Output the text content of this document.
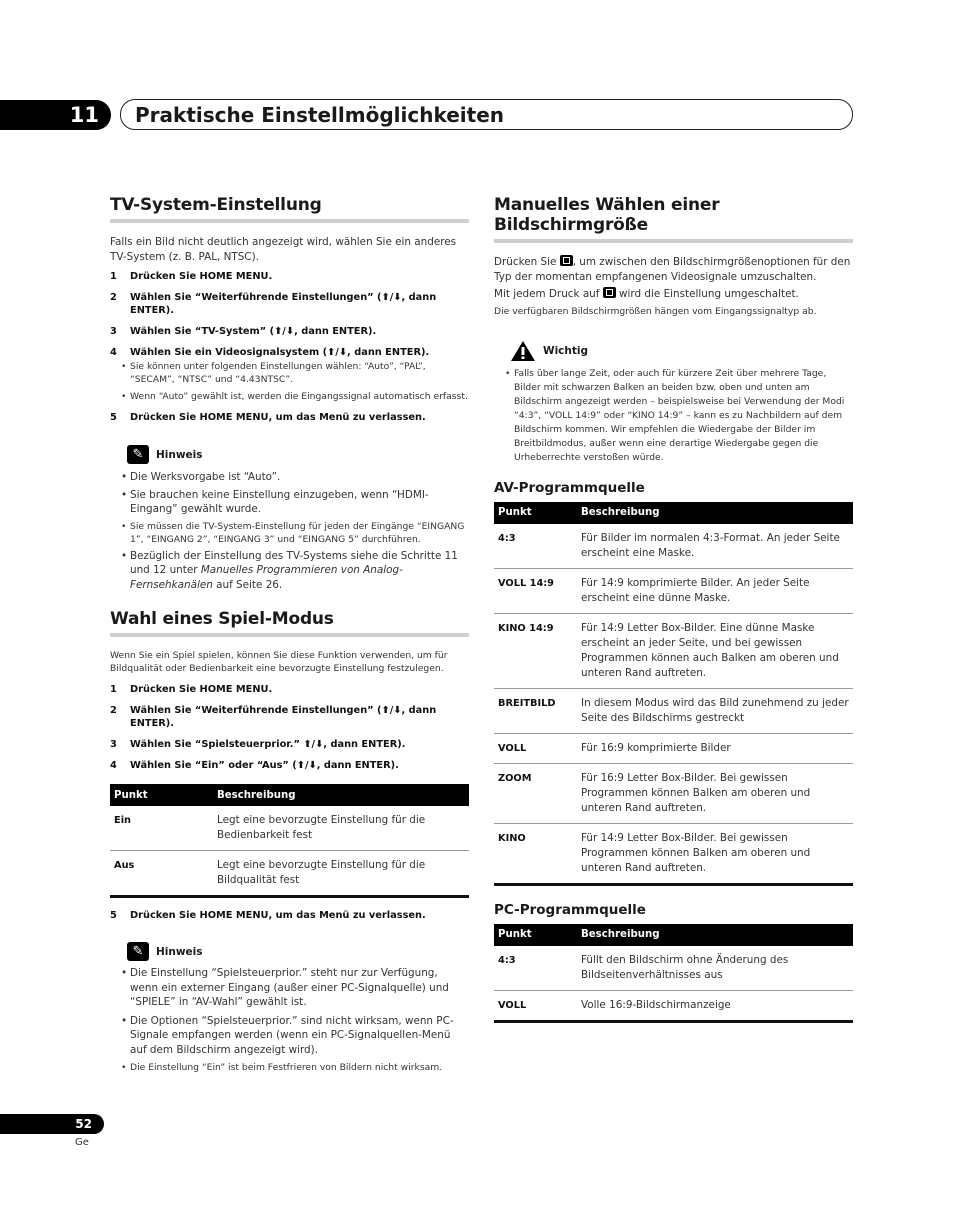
11 Praktische Einstellmöglichkeiten
TV-System-Einstellung

Falls ein Bild nicht deutlich angezeigt wird, wählen Sie ein anderes TV-System (z. B. PAL, NTSC).

1	Drücken Sie HOME MENU.
2	Wählen Sie “Weiterführende Einstellungen” (⬆/⬇, dann ENTER).
3	Wählen Sie “TV-System” (⬆/⬇, dann ENTER).
4	Wählen Sie ein Videosignalsystem (⬆/⬇, dann ENTER).
• Sie können unter folgenden Einstellungen wählen: “Auto”, “PAL”, “SECAM”, “NTSC” und “4.43NTSC”.
• Wenn “Auto” gewählt ist, werden die Eingangssignal automatisch erfasst.
5	Drücken Sie HOME MENU, um das Menü zu verlassen.
✎	Hinweis
• Die Werksvorgabe ist “Auto”.
• Sie brauchen keine Einstellung einzugeben, wenn “HDMI-Eingang” gewählt wurde.
• Sie müssen die TV-System-Einstellung für jeden der Eingänge “EINGANG 1”, “EINGANG 2”, “EINGANG 3” und “EINGANG 5” durchführen.
• Bezüglich der Einstellung des TV-Systems siehe die Schritte 11 und 12 unter Manuelles Programmieren von Analog-Fernsehkanälen auf Seite 26.
Wahl eines Spiel-Modus

Wenn Sie ein Spiel spielen, können Sie diese Funktion verwenden, um für Bildqualität oder Bedienbarkeit eine bevorzugte Einstellung festzulegen.

1	Drücken Sie HOME MENU.
2	Wählen Sie “Weiterführende Einstellungen” (⬆/⬇, dann ENTER).
3	Wählen Sie “Spielsteuerprior.” ⬆/⬇, dann ENTER).
4	Wählen Sie “Ein” oder “Aus” (⬆/⬇, dann ENTER).
Punkt	Beschreibung
Ein	Legt eine bevorzugte Einstellung für die Bedienbarkeit fest
Aus	Legt eine bevorzugte Einstellung für die Bildqualität fest
5	Drücken Sie HOME MENU, um das Menü zu verlassen.
✎	Hinweis
• Die Einstellung “Spielsteuerprior.” steht nur zur Verfügung, wenn ein externer Eingang (außer einer PC-Signalquelle) und “SPIELE” in “AV-Wahl” gewählt ist.
• Die Optionen “Spielsteuerprior.” sind nicht wirksam, wenn PC-Signale empfangen werden (wenn ein PC-Signalquellen-Menü auf dem Bildschirm angezeigt wird).
• Die Einstellung “Ein” ist beim Festfrieren von Bildern nicht wirksam.
Manuelles Wählen einer Bildschirmgröße

Drücken Sie , um zwischen den Bildschirmgrößenoptionen für den Typ der momentan empfangenen Videosignale umzuschalten.

Mit jedem Druck auf  wird die Einstellung umgeschaltet.

Die verfügbaren Bildschirmgrößen hängen vom Eingangssignaltyp ab.

Wichtig
• Falls über lange Zeit, oder auch für kürzere Zeit über mehrere Tage, Bilder mit schwarzen Balken an beiden bzw. oben und unten am Bildschirm angezeigt werden – beispielsweise bei Verwendung der Modi “4:3”, “VOLL 14:9” oder “KINO 14:9” – kann es zu Nachbildern auf dem Bildschirm kommen. Wir empfehlen die Wiedergabe der Bilder im Breitbildmodus, außer wenn eine derartige Wiedergabe gegen die Urheberrechte verstoßen würde.
AV-Programmquelle
Punkt	Beschreibung
4:3	Für Bilder im normalen 4:3-Format. An jeder Seite erscheint eine Maske.
VOLL 14:9	Für 14:9 komprimierte Bilder. An jeder Seite erscheint eine dünne Maske.
KINO 14:9	Für 14:9 Letter Box-Bilder. Eine dünne Maske erscheint an jeder Seite, und bei gewissen Programmen können auch Balken am oberen und unteren Rand auftreten.
BREITBILD	In diesem Modus wird das Bild zunehmend zu jeder Seite des Bildschirms gestreckt
VOLL	Für 16:9 komprimierte Bilder
ZOOM	Für 16:9 Letter Box-Bilder. Bei gewissen Programmen können Balken am oberen und unteren Rand auftreten.
KINO	Für 14:9 Letter Box-Bilder. Bei gewissen Programmen können Balken am oberen und unteren Rand auftreten.
PC-Programmquelle
Punkt	Beschreibung
4:3	Füllt den Bildschirm ohne Änderung des Bildseitenverhältnisses aus
VOLL	Volle 16:9-Bildschirmanzeige
52
Ge
